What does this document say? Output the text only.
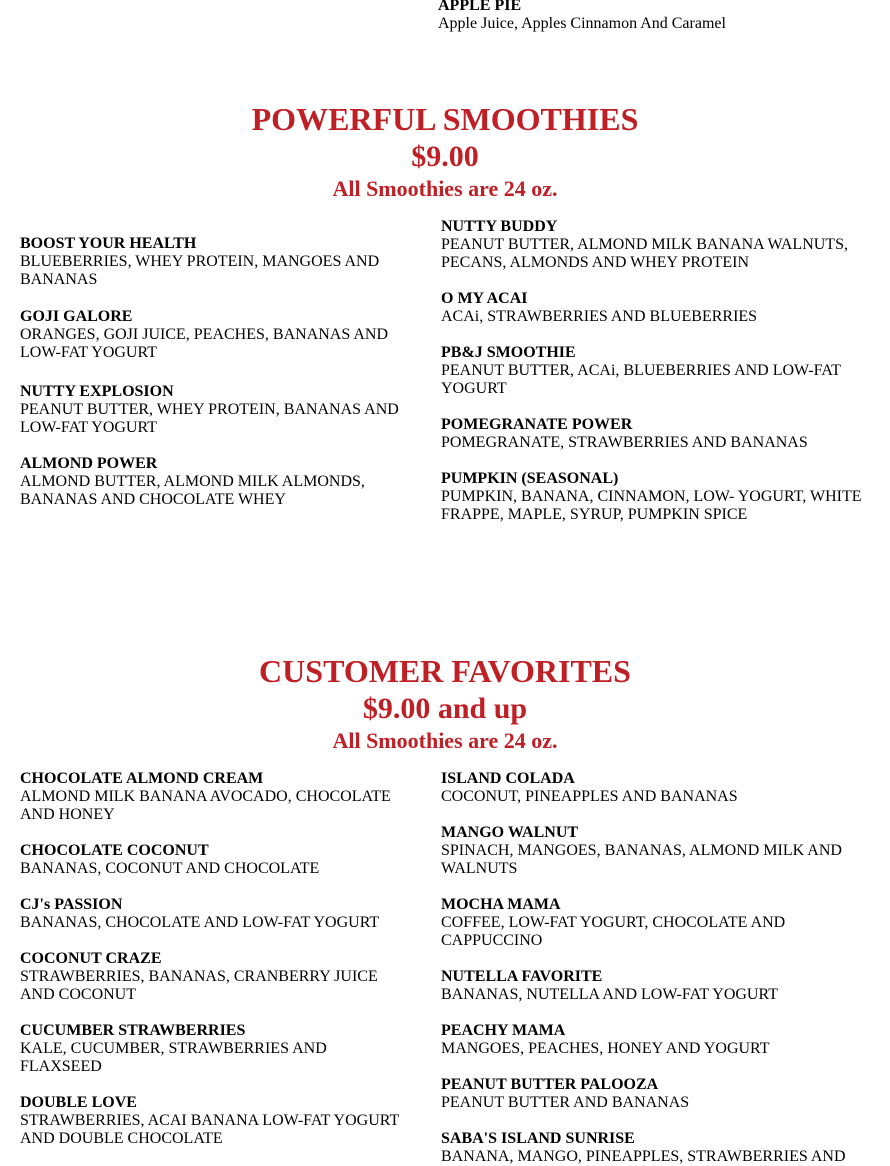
APPLE PIE
Apple Juice, Apples Cinnamon And Caramel
POWERFUL SMOOTHIES
$9.00
All Smoothies are 24 oz.
BOOST YOUR HEALTH
BLUEBERRIES, WHEY PROTEIN, MANGOES AND BANANAS
GOJI GALORE
ORANGES, GOJI JUICE, PEACHES, BANANAS AND LOW-FAT YOGURT
NUTTY EXPLOSION
PEANUT BUTTER, WHEY PROTEIN, BANANAS AND LOW-FAT YOGURT
ALMOND POWER
ALMOND BUTTER, ALMOND MILK ALMONDS, BANANAS AND CHOCOLATE WHEY
NUTTY BUDDY
PEANUT BUTTER, ALMOND MILK BANANA WALNUTS, PECANS, ALMONDS AND WHEY PROTEIN
O MY ACAI
ACAi, STRAWBERRIES AND BLUEBERRIES
PB&J SMOOTHIE
PEANUT BUTTER, ACAi, BLUEBERRIES AND LOW-FAT YOGURT
POMEGRANATE POWER
POMEGRANATE, STRAWBERRIES AND BANANAS
PUMPKIN (SEASONAL)
PUMPKIN, BANANA, CINNAMON, LOW- YOGURT, WHITE FRAPPE, MAPLE, SYRUP, PUMPKIN SPICE
CUSTOMER FAVORITES
$9.00 and up
All Smoothies are 24 oz.
CHOCOLATE ALMOND CREAM
ALMOND MILK BANANA AVOCADO, CHOCOLATE AND HONEY
CHOCOLATE COCONUT
BANANAS, COCONUT AND CHOCOLATE
CJ's PASSION
BANANAS, CHOCOLATE AND LOW-FAT YOGURT
COCONUT CRAZE
STRAWBERRIES, BANANAS, CRANBERRY JUICE AND COCONUT
CUCUMBER STRAWBERRIES
KALE, CUCUMBER, STRAWBERRIES AND FLAXSEED
DOUBLE LOVE
STRAWBERRIES, ACAI BANANA LOW-FAT YOGURT AND DOUBLE CHOCOLATE
ISLAND COLADA
COCONUT, PINEAPPLES AND BANANAS
MANGO WALNUT
SPINACH, MANGOES, BANANAS, ALMOND MILK AND WALNUTS
MOCHA MAMA
COFFEE, LOW-FAT YOGURT, CHOCOLATE AND CAPPUCCINO
NUTELLA FAVORITE
BANANAS, NUTELLA AND LOW-FAT YOGURT
PEACHY MAMA
MANGOES, PEACHES, HONEY AND YOGURT
PEANUT BUTTER PALOOZA
PEANUT BUTTER AND BANANAS
SABA'S ISLAND SUNRISE
BANANA, MANGO, PINEAPPLES, STRAWBERRIES AND
